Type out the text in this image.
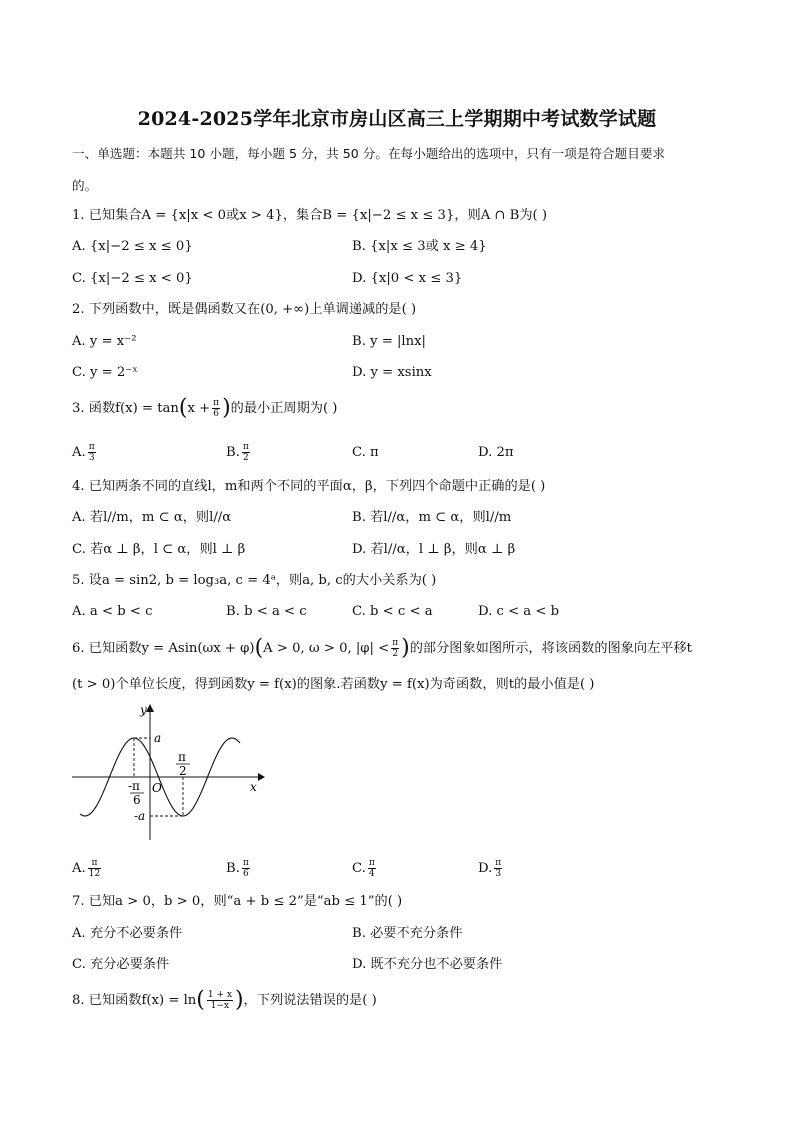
2024-2025学年北京市房山区高三上学期期中考试数学试题
一、单选题：本题共 10 小题，每小题 5 分，共 50 分。在每小题给出的选项中，只有一项是符合题目要求
的。
1. 已知集合A = {x|x < 0或x > 4}，集合B = {x|−2 ≤ x ≤ 3}，则A ∩ B为( )
A. {x|−2 ≤ x ≤ 0}	B. {x|x ≤ 3或 x ≥ 4}
C. {x|−2 ≤ x < 0}	D. {x|0 < x ≤ 3}
2. 下列函数中，既是偶函数又在(0, +∞)上单调递减的是( )
A. y = x⁻²	B. y = |lnx|
C. y = 2⁻ˣ	D. y = xsinx
3. 函数$f(x) = \tan(x + \frac{\pi}{6}$ )的最小正周期为( )
A. $\frac{\pi}{3}$	B. $\frac{\pi}{2}$	C. π	D. 2π
4. 已知两条不同的直线l，m和两个不同的平面α，β，下列四个命题中正确的是( )
A. 若l//m，m ⊂ α，则l//α	B. 若l//α，m ⊂ α，则l//m
C. 若α ⊥ β，l ⊂ α，则l ⊥ β	D. 若l//α，l ⊥ β，则α ⊥ β
5. 设a = sin2, b = log₃a, c = 4ᵃ，则a, b, c的大小关系为( )
A. a < b < c	B. b < a < c	C. b < c < a	D. c < a < b
6. 已知函数y = Asin(ωx + φ)(A > 0, ω > 0, $|\varphi| < \frac{\pi}{2}$ )的部分图象如图所示，将该函数的图象向左平移t
(t > 0)个单位长度，得到函数y = f(x)的图象.若函数y = f(x)为奇函数，则t的最小值是( )
y
x
O
a
-a
π
2
-π
6
A. $\frac{\pi}{12}$	B. $\frac{\pi}{6}$	C. $\frac{\pi}{4}$	D. $\frac{\pi}{3}$
7. 已知a > 0，b > 0，则“a + b ≤ 2”是“ab ≤ 1”的( )
A. 充分不必要条件	B. 必要不充分条件
C. 充分必要条件	D. 既不充分也不必要条件
8. 已知函数$f(x) = \ln( \frac{1 + x}{1-x}$ )，下列说法错误的是( )
